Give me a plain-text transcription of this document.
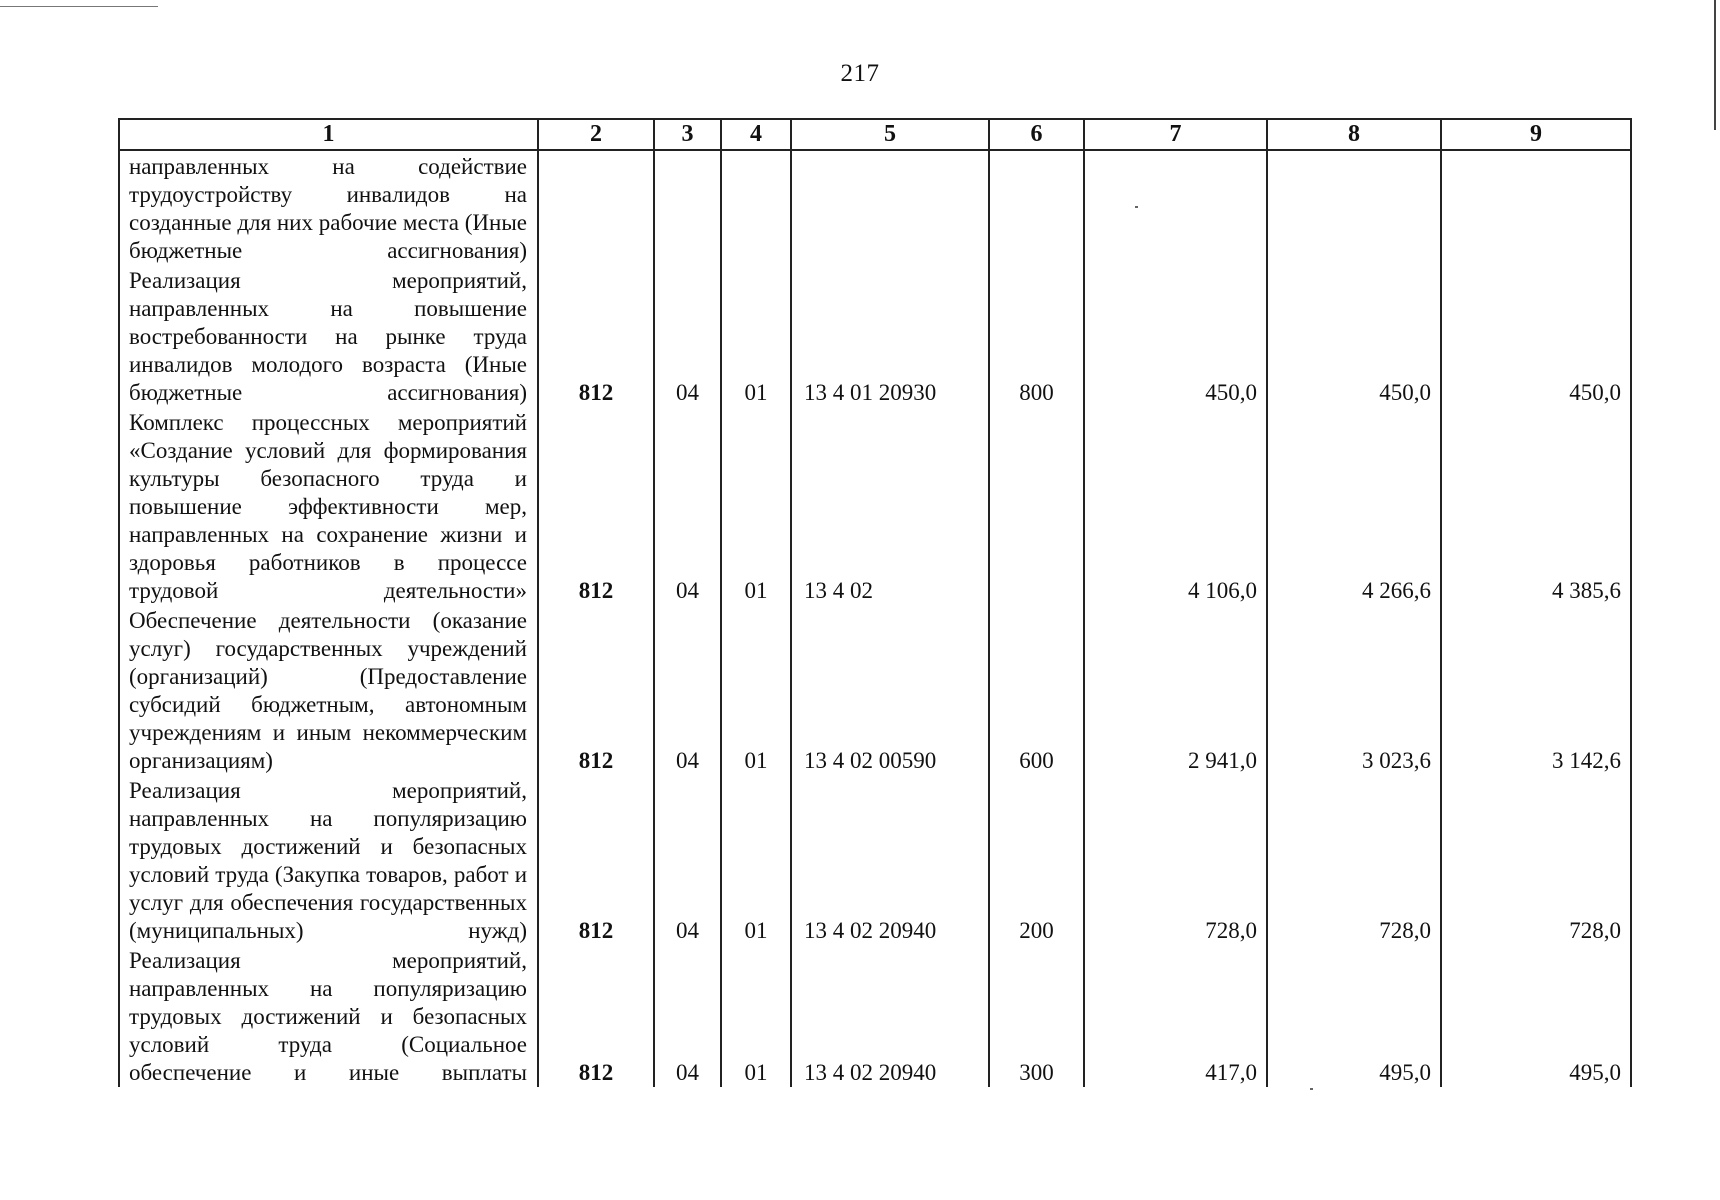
217
1	2	3	4	5	6	7	8	9
направленных на содействие трудоустройству инвалидов на созданные для них рабочие места (Иные бюджетные ассигнования)								
Реализация мероприятий, направленных на повышение востребованности на рынке труда инвалидов молодого возраста (Иные бюджетные ассигнования)	812	04	01	13 4 01 20930	800	450,0	450,0	450,0
Комплекс процессных мероприятий «Создание условий для формирования культуры безопасного труда и повышение эффективности мер, направленных на сохранение жизни и здоровья работников в процессе трудовой деятельности»	812	04	01	13 4 02		4 106,0	4 266,6	4 385,6
Обеспечение деятельности (оказание услуг) государственных учреждений (организаций) (Предоставление субсидий бюджетным, автономным учреждениям и иным некоммерческим организациям)	812	04	01	13 4 02 00590	600	2 941,0	3 023,6	3 142,6
Реализация мероприятий, направленных на популяризацию трудовых достижений и безопасных условий труда (Закупка товаров, работ и услуг для обеспечения государственных (муниципальных) нужд)	812	04	01	13 4 02 20940	200	728,0	728,0	728,0
Реализация мероприятий, направленных на популяризацию трудовых достижений и безопасных условий труда (Социальное обеспечение и иные выплаты	812	04	01	13 4 02 20940	300	417,0	495,0	495,0
